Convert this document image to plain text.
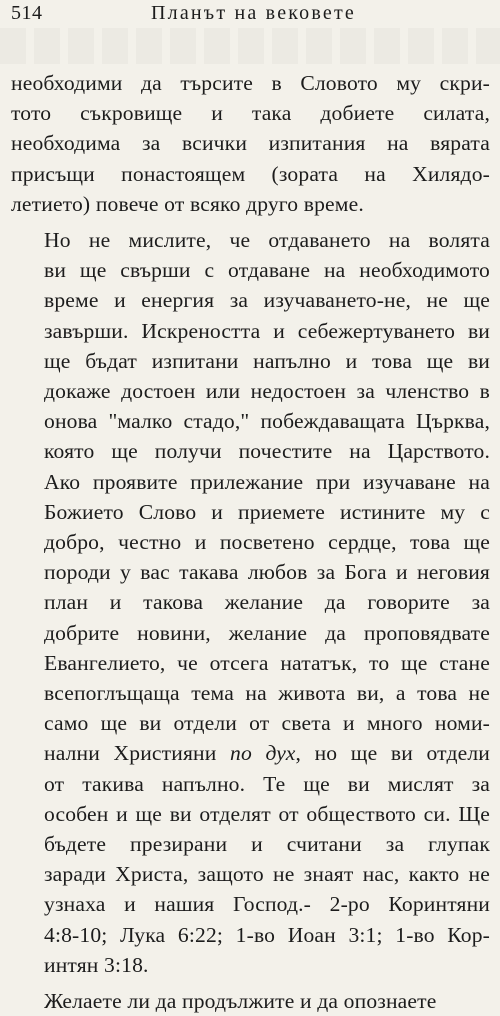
514	Планът на вековете

необходими да търсите в Словото му скри-
тото съкровище и така добиете силата,
необходима за всички изпитания на вярата
присъщи понастоящем (зората на Хилядо-
летието) повече от всяко друго време.

Но не мислите, че отдаването на волята
ви ще свърши с отдаване на необходимото
време и енергия за изучаването-не, не ще
завърши. Искреността и себежертуването ви
ще бъдат изпитани напълно и това ще ви
докаже достоен или недостоен за членство в
онова "малко стадо," побеждаващата Църква,
която ще получи почестите на Царството.
Ако проявите прилежание при изучаване на
Божието Слово и приемете истините му с
добро, честно и посветено сердце, това ще
породи у вас такава любов за Бога и неговия
план и такова желание да говорите за
добрите новини, желание да проповядвате
Евангелието, че отсега нататък, то ще стане
всепоглъщаща тема на живота ви, а това не
само ще ви отдели от света и много номи-
нални Християни по дух, но ще ви отдели
от такива напълно. Те ще ви мислят за
особен и ще ви отделят от обществото си. Ще
бъдете презирани и считани за глупак
заради Христа, защото не знаят нас, както не
узнаха и нашия Господ.- 2-ро Коринтяни
4:8-10; Лука 6:22; 1-во Иоан 3:1; 1-во Кор-
интян 3:18.

Желаете ли да продължите и да опознаете
